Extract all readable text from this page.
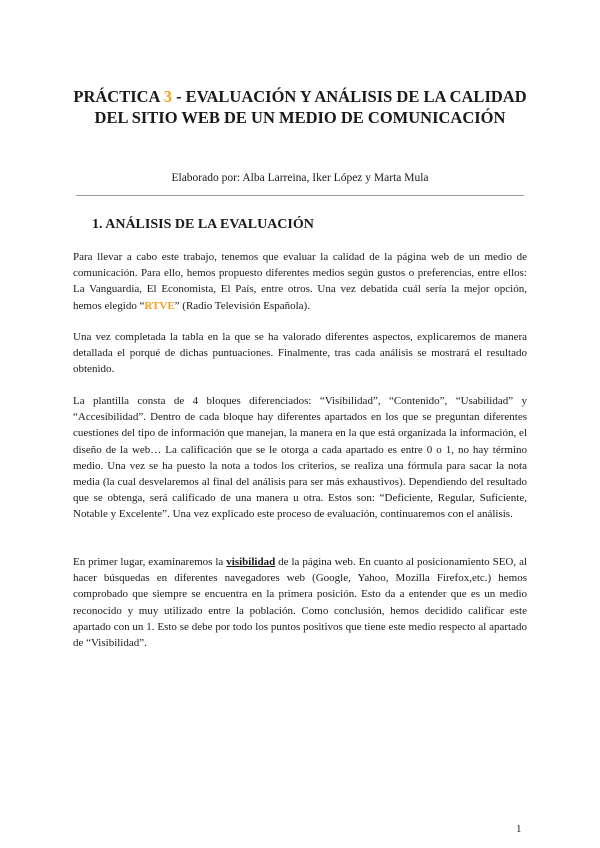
PRÁCTICA 3 - EVALUACIÓN Y ANÁLISIS DE LA CALIDAD DEL SITIO WEB DE UN MEDIO DE COMUNICACIÓN

Elaborado por: Alba Larreina, Iker López y Marta Mula

1. ANÁLISIS DE LA EVALUACIÓN

Para llevar a cabo este trabajo, tenemos que evaluar la calidad de la página web de un medio de comunicación. Para ello, hemos propuesto diferentes medios según gustos o preferencias, entre ellos: La Vanguardia, El Economista, El País, entre otros. Una vez debatida cuál sería la mejor opción, hemos elegido “RTVE” (Radio Televisión Española).

Una vez completada la tabla en la que se ha valorado diferentes aspectos, explicaremos de manera detallada el porqué de dichas puntuaciones. Finalmente, tras cada análisis se mostrará el resultado obtenido.

La plantilla consta de 4 bloques diferenciados: “Visibilidad”, “Contenido”, “Usabilidad” y “Accesibilidad”. Dentro de cada bloque hay diferentes apartados en los que se preguntan diferentes cuestiones del tipo de información que manejan, la manera en la que está organizada la información, el diseño de la web… La calificación que se le otorga a cada apartado es entre 0 o 1, no hay término medio. Una vez se ha puesto la nota a todos los criterios, se realiza una fórmula para sacar la nota media (la cual desvelaremos al final del análisis para ser más exhaustivos). Dependiendo del resultado que se obtenga, será calificado de una manera u otra. Estos son: “Deficiente, Regular, Suficiente, Notable y Excelente”. Una vez explicado este proceso de evaluación, continuaremos con el análisis.

En primer lugar, examinaremos la visibilidad de la página web. En cuanto al posicionamiento SEO, al hacer búsquedas en diferentes navegadores web (Google, Yahoo, Mozilla Firefox,etc.) hemos comprobado que siempre se encuentra en la primera posición. Esto da a entender que es un medio reconocido y muy utilizado entre la población. Como conclusión, hemos decidido calificar este apartado con un 1. Esto se debe por todo los puntos positivos que tiene este medio respecto al apartado de “Visibilidad”.

1
